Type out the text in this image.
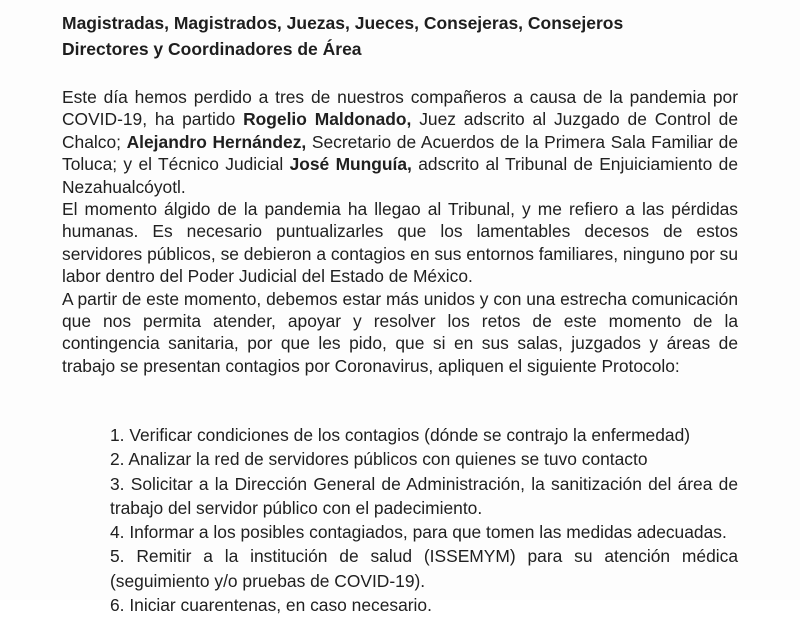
Magistradas, Magistrados, Juezas, Jueces, Consejeras, Consejeros
Directores y Coordinadores de Área

Este día hemos perdido a tres de nuestros compañeros a causa de la pandemia por COVID-19, ha partido Rogelio Maldonado, Juez adscrito al Juzgado de Control de Chalco; Alejandro Hernández, Secretario de Acuerdos de la Primera Sala Familiar de Toluca; y el Técnico Judicial José Munguía, adscrito al Tribunal de Enjuiciamiento de Nezahualcóyotl.

El momento álgido de la pandemia ha llegao al Tribunal, y me refiero a las pérdidas humanas. Es necesario puntualizarles que los lamentables decesos de estos servidores públicos, se debieron a contagios en sus entornos familiares, ninguno por su labor dentro del Poder Judicial del Estado de México.

A partir de este momento, debemos estar más unidos y con una estrecha comunicación que nos permita atender, apoyar y resolver los retos de este momento de la contingencia sanitaria, por que les pido, que si en sus salas, juzgados y áreas de trabajo se presentan contagios por Coronavirus, apliquen el siguiente Protocolo:

1. Verificar condiciones de los contagios (dónde se contrajo la enfermedad)
2. Analizar la red de servidores públicos con quienes se tuvo contacto
3. Solicitar a la Dirección General de Administración, la sanitización del área de trabajo del servidor público con el padecimiento.
4. Informar a los posibles contagiados, para que tomen las medidas adecuadas.
5. Remitir a la institución de salud (ISSEMYM) para su atención médica (seguimiento y/o pruebas de COVID-19).
6. Iniciar cuarentenas, en caso necesario.
